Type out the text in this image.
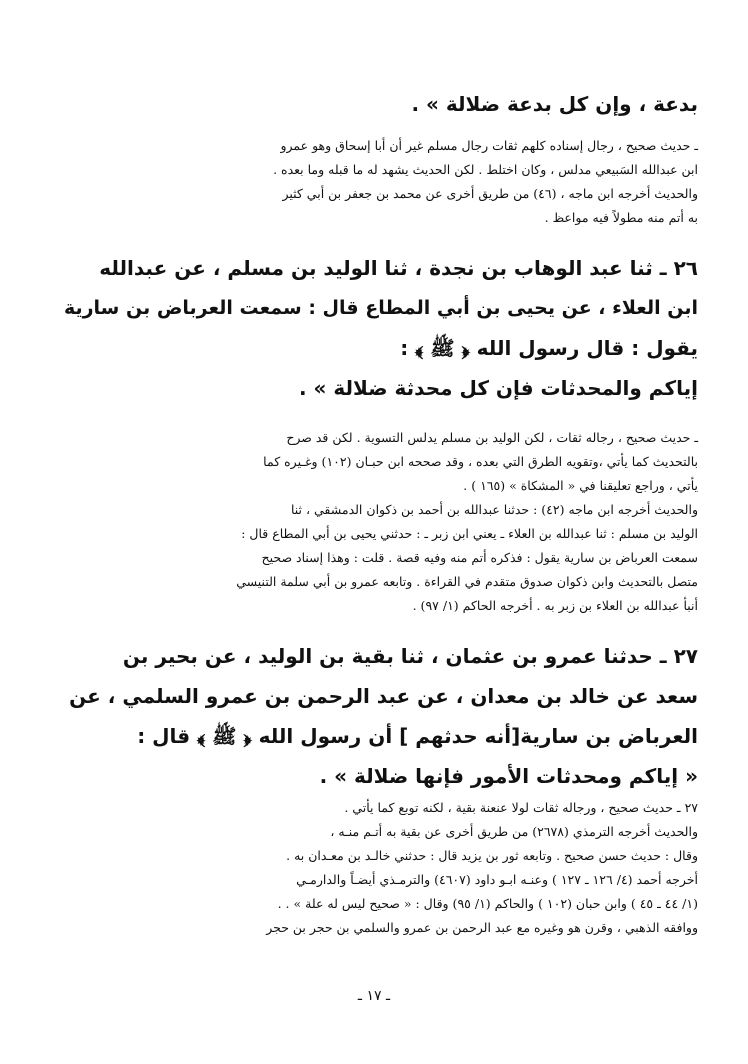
بدعة ، وإن كل بدعة ضلالة » .

ـ حديث صحيح ، رجال إسناده كلهم ثقات رجال مسلم غير أن أبا إسحاق وهو عمرو

ابن عبدالله السَبيعي مدلس ، وكان اختلط . لكن الحديث يشهد له ما قبله وما بعده .

والحديث أخرجه ابن ماجه ، (٤٦) من طريق أخرى عن محمد بن جعفر بن أبي كثير

به أتم منه مطولاً فيه مواعظ .

٢٦ ـ ثنا عبد الوهاب بن نجدة ، ثنا الوليد بن مسلم ، عن عبدالله

ابن العلاء ، عن يحيى بن أبي المطاع قال : سمعت العرباض بن سارية

يقول : قال رسول الله ﴿ ﷺ ﴾ :

إياكم والمحدثات فإن كل محدثة ضلالة » .

ـ حديث صحيح ، رجاله ثقات ، لكن الوليد بن مسلم يدلس التسوية . لكن قد صرح

بالتحديث كما يأتي ،وتقويه الطرق التي بعده ، وقد صححه ابن حبـان (١٠٢) وغـيره كما

يأتي ، وراجع تعليقنا في « المشكاة » (١٦٥ ) .

والحديث أخرجه ابن ماجه (٤٢) : حدثنا عبدالله بن أحمد بن ذكوان الدمشقي ، ثنا

الوليد بن مسلم : ثنا عبدالله بن العلاء ـ يعني ابن زبر ـ : حدثني يحيى بن أبي المطاع قال :

سمعت العرباض بن سارية يقول : فذكره أتم منه وفيه قصة . قلت : وهذا إسناد صحيح

متصل بالتحديث وابن ذكوان صدوق متقدم في القراءة . وتابعه عمرو بن أبي سلمة التنيسي

أنبأ عبدالله بن العلاء بن زبر به . أخرجه الحاكم (١/ ٩٧) .

٢٧ ـ حدثنا عمرو بن عثمان ، ثنا بقية بن الوليد ، عن بحير بن

سعد عن خالد بن معدان ، عن عبد الرحمن بن عمرو السلمي ، عن

العرباض بن سارية[أنه حدثهم ] أن رسول الله ﴿ ﷺ ﴾ قال :

« إياكم ومحدثات الأمور فإنها ضلالة » .

٢٧ ـ حديث صحيح ، ورجاله ثقات لولا عنعنة بقية ، لكنه توبع كما يأتي .

والحديث أخرجه الترمذي (٢٦٧٨) من طريق أخرى عن بقية به أتـم منـه ،

وقال : حديث حسن صحيح . وتابعه ثور بن يزيد قال : حدثني خالـد بن معـدان به .

أخرجه أحمد (٤/ ١٢٦ ـ ١٢٧ ) وعنـه ابـو داود (٤٦٠٧) والترمـذي أيضـاً والدارمـي

(١/ ٤٤ ـ ٤٥ ) وابن حبان (١٠٢ ) والحاكم (١/ ٩٥) وقال : « صحيح ليس له علة » . .

ووافقه الذهبي ، وقرن هو وغيره مع عبد الرحمن بن عمرو والسلمي بن حجر بن حجر

ـ ١٧ ـ
